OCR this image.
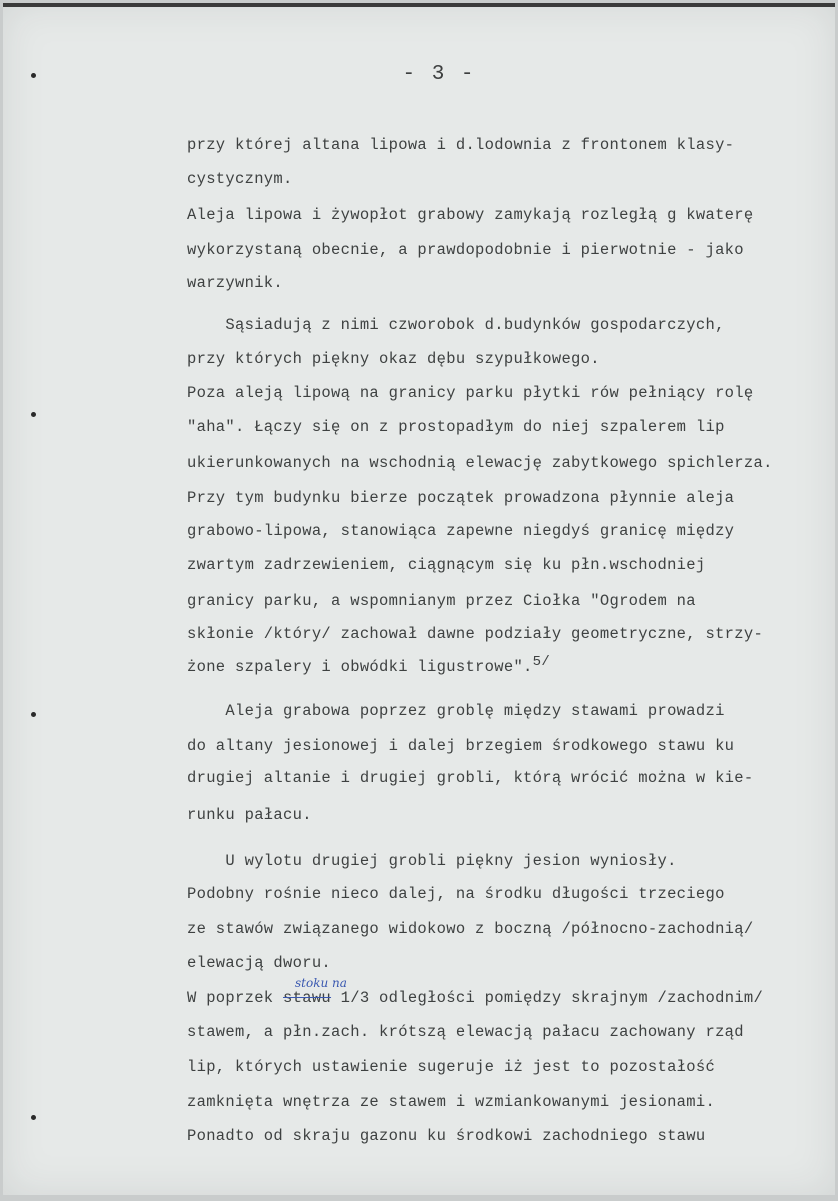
- 3 -
przy której altana lipowa i d.lodownia z frontonem klasy-
cystycznym.
Aleja lipowa i żywopłot grabowy zamykają rozległą g kwaterę
wykorzystaną obecnie, a prawdopodobnie i pierwotnie - jako
warzywnik.
Sąsiadują z nimi czworobok d.budynków gospodarczych,
przy których piękny okaz dębu szypułkowego.
Poza aleją lipową na granicy parku płytki rów pełniący rolę
"aha". Łączy się on z prostopadłym do niej szpalerem lip
ukierunkowanych na wschodnią elewację zabytkowego spichlerza.
Przy tym budynku bierze początek prowadzona płynnie aleja
grabowo-lipowa, stanowiąca zapewne niegdyś granicę między
zwartym zadrzewieniem, ciągnącym się ku płn.wschodniej
granicy parku, a wspomnianym przez Ciołka "Ogrodem na
skłonie /który/ zachował dawne podziały geometryczne, strzy-
żone szpalery i obwódki ligustrowe".5/
Aleja grabowa poprzez groblę między stawami prowadzi
do altany jesionowej i dalej brzegiem środkowego stawu ku
drugiej altanie i drugiej grobli, którą wrócić można w kie-
runku pałacu.
U wylotu drugiej grobli piękny jesion wyniosły.
Podobny rośnie nieco dalej, na środku długości trzeciego
ze stawów związanego widokowo z boczną /północno-zachodnią/
elewacją dworu.
stoku na
W poprzek stawu 1/3 odległości pomiędzy skrajnym /zachodnim/
stawem, a płn.zach. krótszą elewacją pałacu zachowany rząd
lip, których ustawienie sugeruje iż jest to pozostałość
zamknięta wnętrza ze stawem i wzmiankowanymi jesionami.
Ponadto od skraju gazonu ku środkowi zachodniego stawu
